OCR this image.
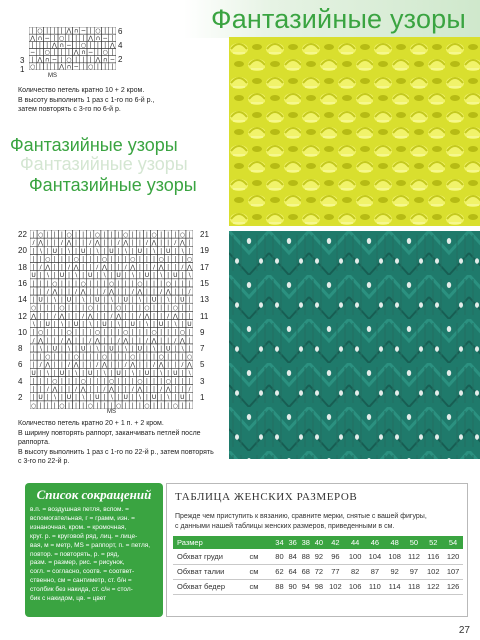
Фантазийные узоры
6
4
2
3
1
| ○ | | | ⋀ ∩ − | ○ | |
⋀ ∩ − | ○ | | | ⋀ ∩ − |
| | | ⋀ ∩ − | ○ | | | ⋀
− | ○ | | | ⋀ ∩ − | ○ |
| ⋀ ∩ − | ○ | | | ⋀ ∩ −
○ | | | ⋀ ∩ − | ○ | | |
MS
Количество петель кратно 10 + 2 кром.
В высоту выполнить 1 раз с 1-го по 6-й р.,
затем повторять с 3-го по 6-й р.
Фантазийные узоры
Фантазийные узоры
Фантазийные узоры
22
20
18
16
14
12
10
8
6
4
2
21
19
17
15
13
11
9
7
5
3
1
| ○ | | | ○ | | | ○ | | | ○ | | | ○ | | | ○ |
∕ ⋀ | | ∕ ⋀ | | ∕ ⋀ | | ∕ ⋀ | | ∕ ⋀ | | ∕ ⋀ |
| ∖ | U | ∖ | U | ∖ | U | ∖ | U | ∖ | U | ∖ |
| | ○ | | | ○ | | | ○ | | | ○ | | | ○ | | | ○
| ∕ ⋀ | | ∕ ⋀ | | ∕ ⋀ | | ∕ ⋀ | | ∕ ⋀ | | ∕ ⋀
U | ∖ | U | ∖ | U | ∖ | U | ∖ | U | ∖ | U | ∖
| | | ○ | | | ○ | | | ○ | | | ○ | | | ○ | | |
| | ∕ ⋀ | | ∕ ⋀ | | ∕ ⋀ | | ∕ ⋀ | | ∕ ⋀ | | ∕
| U | ∖ | U | ∖ | U | ∖ | U | ∖ | U | ∖ | U |
○ | | | ○ | | | ○ | | | ○ | | | ○ | | | ○ | |
⋀ | | ∕ ⋀ | | ∕ ⋀ | | ∕ ⋀ | | ∕ ⋀ | | ∕ ⋀ | |
∖ | U | ∖ | U | ∖ | U | ∖ | U | ∖ | U | ∖ | U
| ○ | | | ○ | | | ○ | | | ○ | | | ○ | | | ○ |
∕ ⋀ | | ∕ ⋀ | | ∕ ⋀ | | ∕ ⋀ | | ∕ ⋀ | | ∕ ⋀ |
| ∖ | U | ∖ | U | ∖ | U | ∖ | U | ∖ | U | ∖ |
| | ○ | | | ○ | | | ○ | | | ○ | | | ○ | | | ○
| ∕ ⋀ | | ∕ ⋀ | | ∕ ⋀ | | ∕ ⋀ | | ∕ ⋀ | | ∕ ⋀
U | ∖ | U | ∖ | U | ∖ | U | ∖ | U | ∖ | U | ∖
| | | ○ | | | ○ | | | ○ | | | ○ | | | ○ | | |
| | ∕ ⋀ | | ∕ ⋀ | | ∕ ⋀ | | ∕ ⋀ | | ∕ ⋀ | | ∕
| U | ∖ | U | ∖ | U | ∖ | U | ∖ | U | ∖ | U |
○ | | | ○ | | | ○ | | | ○ | | | ○ | | | ○ | |
MS
Количество петель кратно 20 + 1 п. + 2 кром.
В ширину повторять раппорт, заканчивать петлей после
раппорта.
В высоту выполнить 1 раз с 1-го по 22-й р., затем повторять
с 3-го по 22-й р.
Список сокращений
в.п. = воздушная петля, вспом. =
вспомогательная, г = грамм, изн. =
изнаночная, кром. = кромочная,
круг. р. = круговой ряд, лиц. = лице-
вая, м = метр, MS = раппорт, п. = петля,
повтор. = повторять, р. = ряд,
разм. = размер, рис. = рисунок,
согл. = согласно, соотв. = соответ-
ственно, см = сантиметр, ст. б/н =
столбик без накида, ст. с/н = стол-
бик с накидом, цв. = цвет
ТАБЛИЦА ЖЕНСКИХ РАЗМЕРОВ
Прежде чем приступить к вязанию, сравните мерки, снятые с вашей фигуры,
с данными нашей таблицы женских размеров, приведенными в см.
Размер		34	36	38	40	42	44	46	48	50	52	54
Обхват груди	см	80	84	88	92	96	100	104	108	112	116	120
Обхват талии	см	62	64	68	72	77	82	87	92	97	102	107
Обхват бедер	см	88	90	94	98	102	106	110	114	118	122	126
27
